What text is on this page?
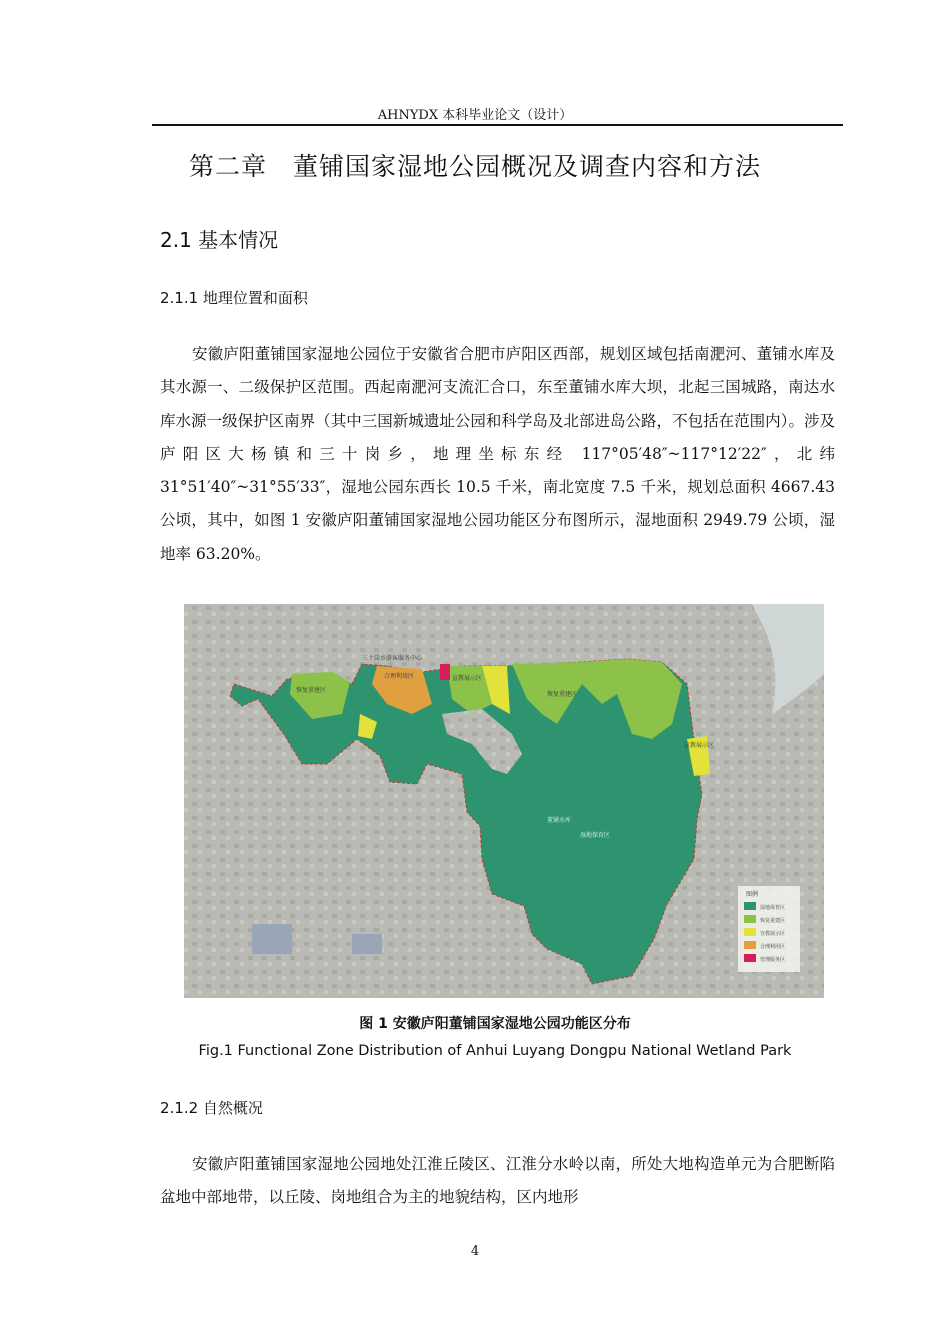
AHNYDX 本科毕业论文（设计）
第二章　董铺国家湿地公园概况及调查内容和方法
2.1 基本情况
2.1.1 地理位置和面积
安徽庐阳董铺国家湿地公园位于安徽省合肥市庐阳区西部，规划区域包括南淝河、董铺水库及其水源一、二级保护区范围。西起南淝河支流汇合口，东至董铺水库大坝，北起三国城路，南达水库水源一级保护区南界（其中三国新城遗址公园和科学岛及北部进岛公路，不包括在范围内）。涉及庐阳区大杨镇和三十岗乡，地理坐标东经 117°05′48″~117°12′22″，北纬 31°51′40″~31°55′33″，湿地公园东西长 10.5 千米，南北宽度 7.5 千米，规划总面积 4667.43 公顷，其中，如图 1 安徽庐阳董铺国家湿地公园功能区分布图所示，湿地面积 2949.79 公顷，湿地率 63.20%。
三十岗乡游客服务中心
恢复重建区
合理利用区	宣教展示区
恢复重建区
宣教展示区
湿地保育区
董铺水库
图例
湿地保育区
恢复重建区
宣教展示区
合理利用区
管理服务区
图 1 安徽庐阳董铺国家湿地公园功能区分布
Fig.1 Functional Zone Distribution of Anhui Luyang Dongpu National Wetland Park
2.1.2 自然概况
安徽庐阳董铺国家湿地公园地处江淮丘陵区、江淮分水岭以南，所处大地构造单元为合肥断陷盆地中部地带，以丘陵、岗地组合为主的地貌结构，区内地形
4
